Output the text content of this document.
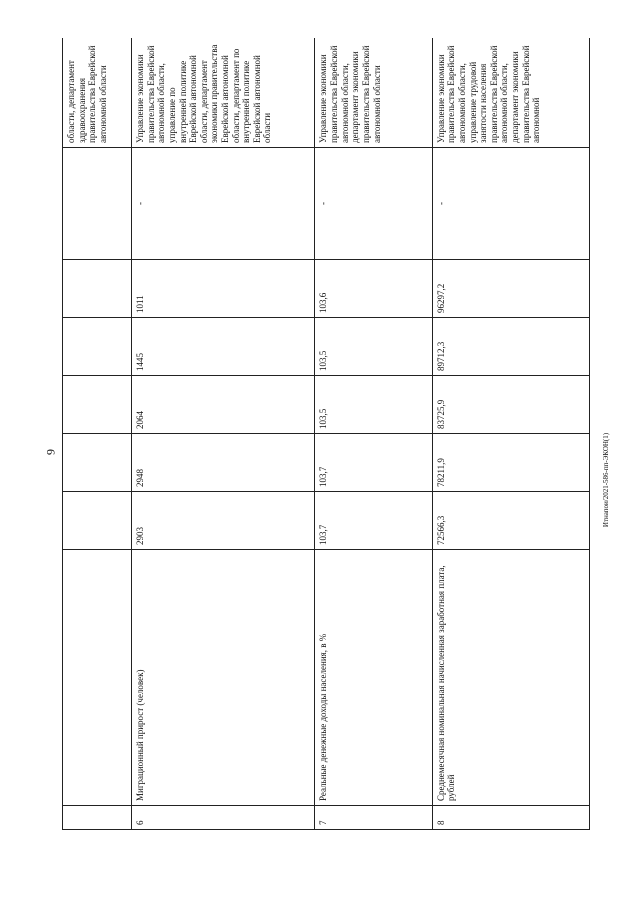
9
								области, департамент здравоохранения правительства Еврейской автономной области
6	Миграционный прирост (человек)	2903	2948	2064	1445	1011	-	Управление экономики правительства Еврейской автономной области, управление по внутренней политике Еврейской автономной области, департамент экономики правительства Еврейской автономной области, департамент по внутренней политике Еврейской автономной области
7	Реальные денежные доходы населения, в %	103,7	103,7	103,5	103,5	103,6	-	Управление экономики правительства Еврейской автономной области, департамент экономики правительства Еврейской автономной области
8	Среднемесячная номинальная начисленная заработная плата, рублей	72566,3	78211,9	83725,9	89712,3	96297,2	-	Управление экономики правительства Еврейской автономной области, управление трудовой занятости населения правительства Еврейской автономной области, департамент экономики правительства Еврейской автономной
Итнапои/2021-586-пп-ЭКОН(1)
